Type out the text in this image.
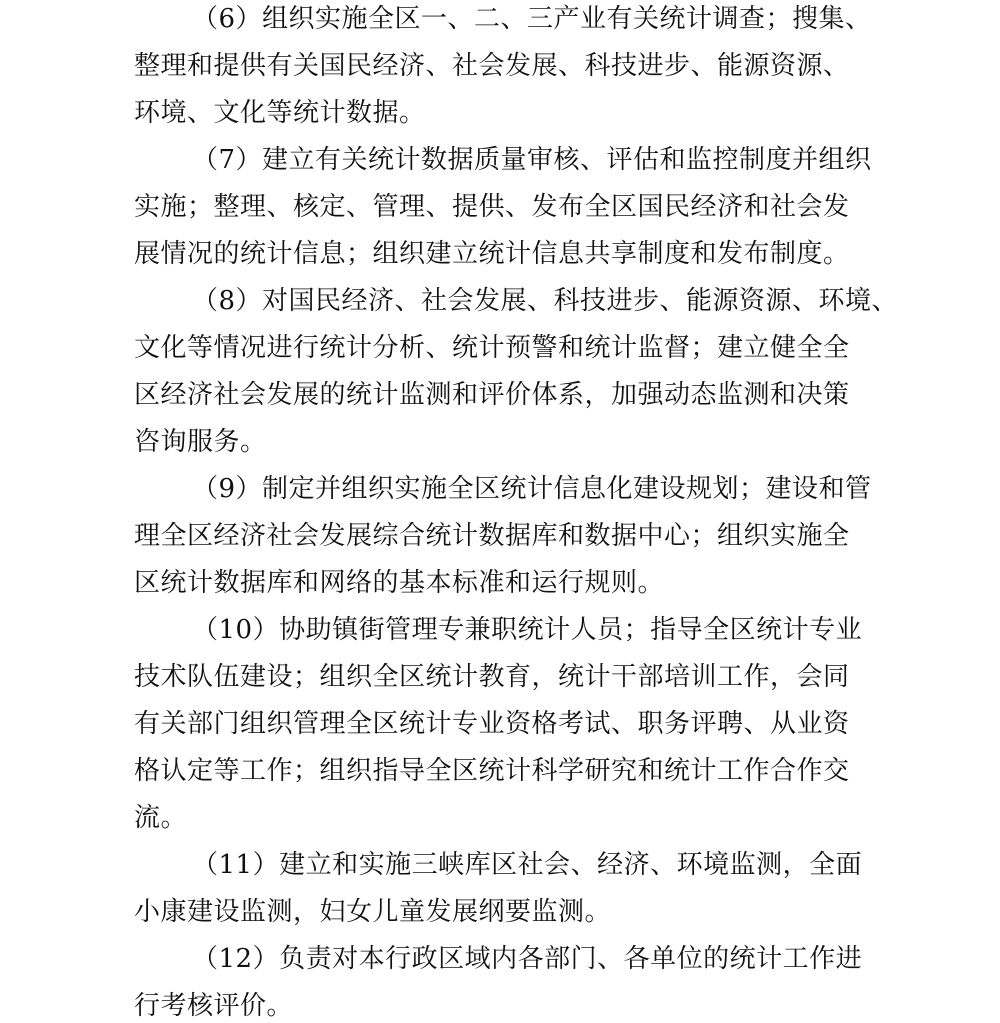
（6）组织实施全区一、二、三产业有关统计调查；搜集、
整理和提供有关国民经济、社会发展、科技进步、能源资源、
环境、文化等统计数据。
（7）建立有关统计数据质量审核、评估和监控制度并组织
实施；整理、核定、管理、提供、发布全区国民经济和社会发
展情况的统计信息；组织建立统计信息共享制度和发布制度。
（8）对国民经济、社会发展、科技进步、能源资源、环境、
文化等情况进行统计分析、统计预警和统计监督；建立健全全
区经济社会发展的统计监测和评价体系，加强动态监测和决策
咨询服务。
（9）制定并组织实施全区统计信息化建设规划；建设和管
理全区经济社会发展综合统计数据库和数据中心；组织实施全
区统计数据库和网络的基本标准和运行规则。
（10）协助镇街管理专兼职统计人员；指导全区统计专业
技术队伍建设；组织全区统计教育，统计干部培训工作，会同
有关部门组织管理全区统计专业资格考试、职务评聘、从业资
格认定等工作；组织指导全区统计科学研究和统计工作合作交
流。
（11）建立和实施三峡库区社会、经济、环境监测，全面
小康建设监测，妇女儿童发展纲要监测。
（12）负责对本行政区域内各部门、各单位的统计工作进
行考核评价。
